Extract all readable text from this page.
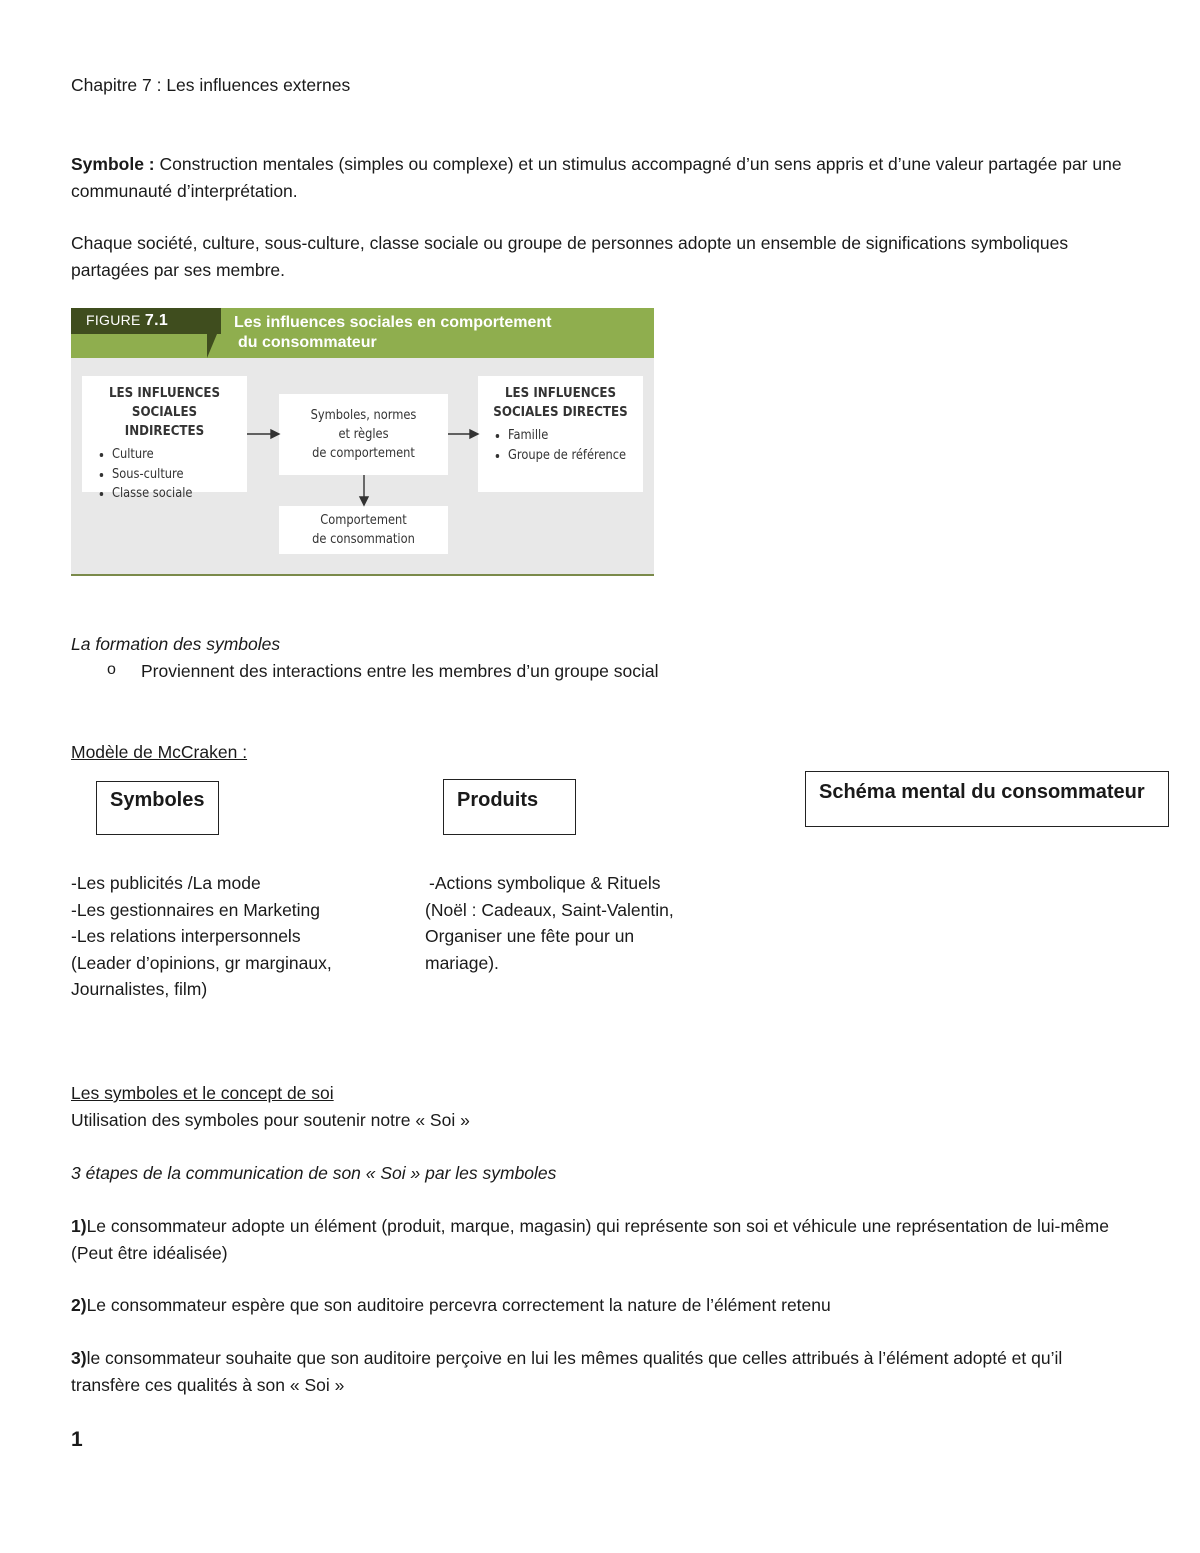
Chapitre 7 : Les influences externes
Symbole : Construction mentales (simples ou complexe) et un stimulus accompagné d’un sens appris et d’une valeur partagée par une communauté d’interprétation.
Chaque société, culture, sous-culture, classe sociale ou groupe de personnes adopte un ensemble de significations symboliques partagées par ses membre.
FIGURE 7.1	Les influences sociales en comportement
du consommateur
LES INFLUENCES
SOCIALES INDIRECTES
• Culture
• Sous-culture
• Classe sociale
Symboles, normes
et règles
de comportement
LES INFLUENCES
SOCIALES DIRECTES
• Famille
• Groupe de référence
Comportement
de consommation
La formation des symboles
o Proviennent des interactions entre les membres d’un groupe social
Modèle de McCraken :
Symboles	Produits	Schéma mental du consommateur
-Les publicités /La mode
-Les gestionnaires en Marketing
-Les relations interpersonnels
(Leader d’opinions, gr marginaux,
Journalistes, film)
-Actions symbolique & Rituels
(Noël : Cadeaux, Saint-Valentin,
Organiser une fête pour un
mariage).
Les symboles et le concept de soi
Utilisation des symboles pour soutenir notre « Soi »
3 étapes de la communication de son « Soi » par les symboles
1)Le consommateur adopte un élément (produit, marque, magasin) qui représente son soi et véhicule une représentation de lui-même (Peut être idéalisée)
2)Le consommateur espère que son auditoire percevra correctement la nature de l’élément retenu
3)le consommateur souhaite que son auditoire perçoive en lui les mêmes qualités que celles attribués à l’élément adopté et qu’il transfère ces qualités à son « Soi »
1
